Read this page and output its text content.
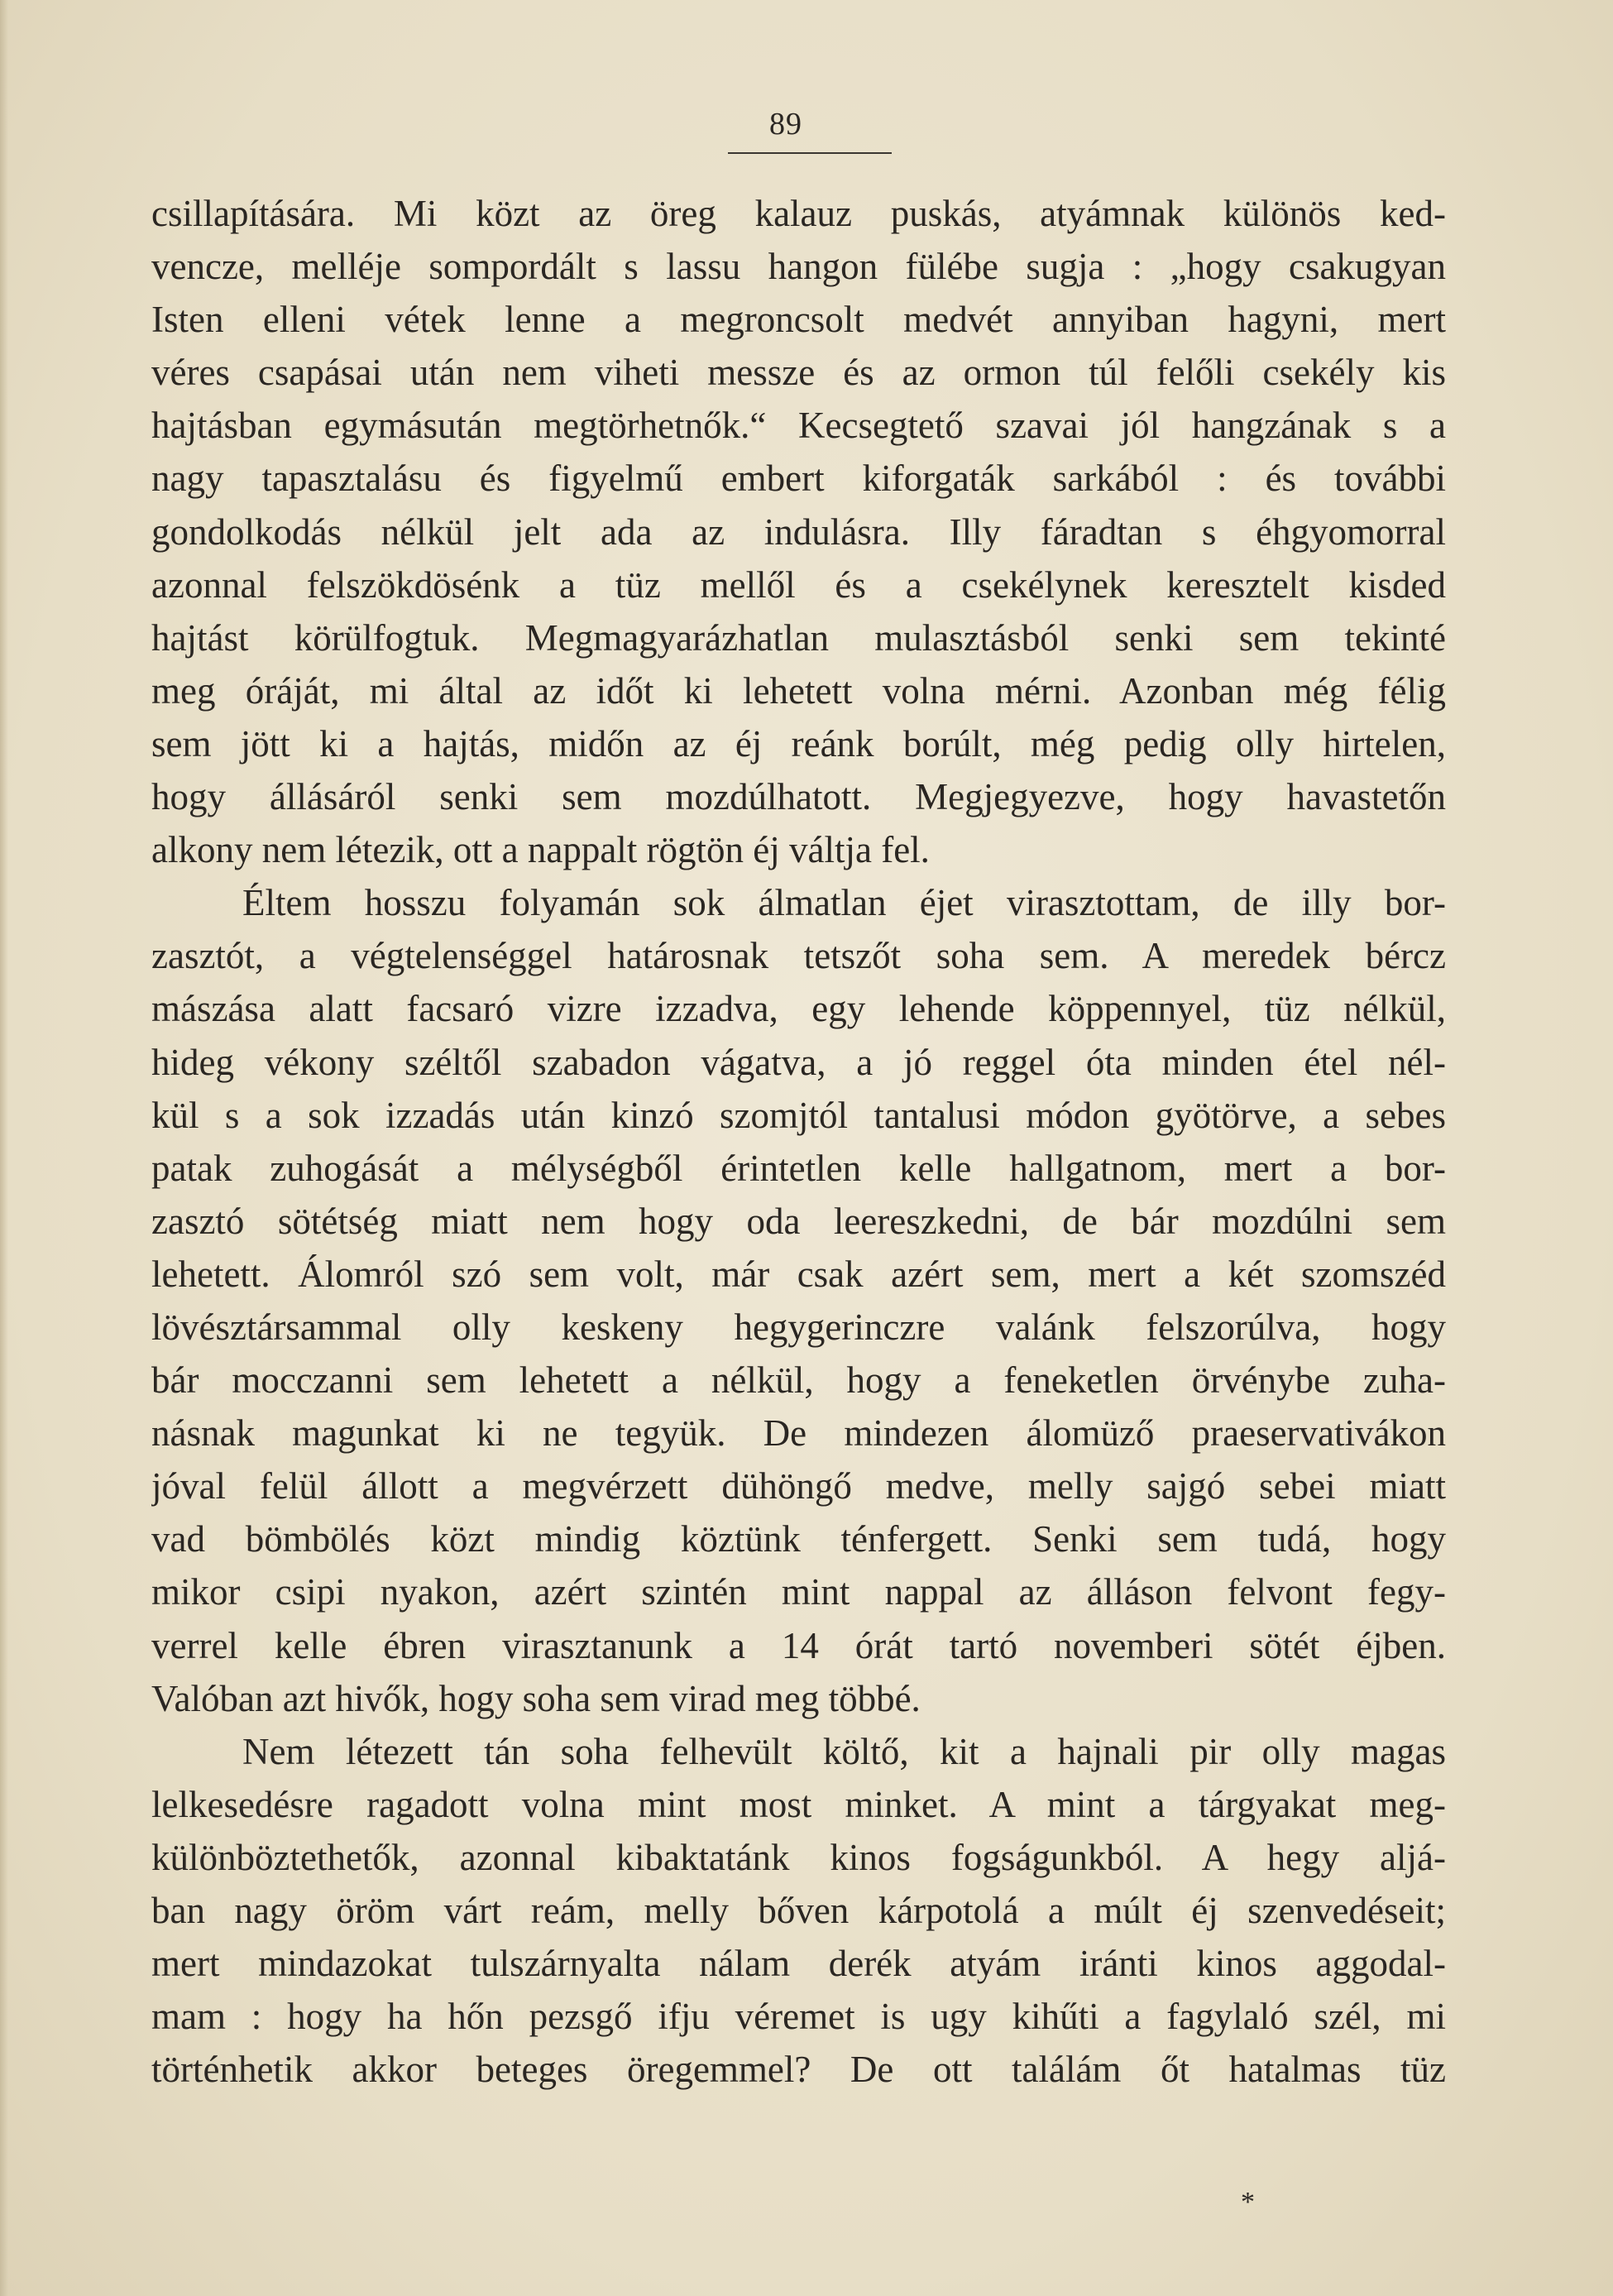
89
csillapítására. Mi közt az öreg kalauz puskás, atyámnak különös ked-
vencze, melléje sompordált s lassu hangon fülébe sugja : „hogy csakugyan
Isten elleni vétek lenne a megroncsolt medvét annyiban hagyni, mert
véres csapásai után nem viheti messze és az ormon túl felőli csekély kis
hajtásban egymásután megtörhetnők.“ Kecsegtető szavai jól hangzának s a
nagy tapasztalásu és figyelmű embert kiforgaták sarkából : és további
gondolkodás nélkül jelt ada az indulásra. Illy fáradtan s éhgyomorral
azonnal felszökdösénk a tüz mellől és a csekélynek keresztelt kisded
hajtást körülfogtuk. Megmagyarázhatlan mulasztásból senki sem tekinté
meg óráját, mi által az időt ki lehetett volna mérni. Azonban még félig
sem jött ki a hajtás, midőn az éj reánk borúlt, még pedig olly hirtelen,
hogy állásáról senki sem mozdúlhatott. Megjegyezve, hogy havastetőn
alkony nem létezik, ott a nappalt rögtön éj váltja fel.
Éltem hosszu folyamán sok álmatlan éjet virasztottam, de illy bor-
zasztót, a végtelenséggel határosnak tetszőt soha sem. A meredek bércz
mászása alatt facsaró vizre izzadva, egy lehende köppennyel, tüz nélkül,
hideg vékony széltől szabadon vágatva, a jó reggel óta minden étel nél-
kül s a sok izzadás után kinzó szomjtól tantalusi módon gyötörve, a sebes
patak zuhogását a mélységből érintetlen kelle hallgatnom, mert a bor-
zasztó sötétség miatt nem hogy oda leereszkedni, de bár mozdúlni sem
lehetett. Álomról szó sem volt, már csak azért sem, mert a két szomszéd
lövésztársammal olly keskeny hegygerinczre valánk felszorúlva, hogy
bár mocczanni sem lehetett a nélkül, hogy a feneketlen örvénybe zuha-
násnak magunkat ki ne tegyük. De mindezen álomüző praeservativákon
jóval felül állott a megvérzett dühöngő medve, melly sajgó sebei miatt
vad bömbölés közt mindig köztünk ténfergett. Senki sem tudá, hogy
mikor csipi nyakon, azért szintén mint nappal az álláson felvont fegy-
verrel kelle ébren virasztanunk a 14 órát tartó novemberi sötét éjben.
Valóban azt hivők, hogy soha sem virad meg többé.
Nem létezett tán soha felhevült költő, kit a hajnali pir olly magas
lelkesedésre ragadott volna mint most minket. A mint a tárgyakat meg-
különböztethetők, azonnal kibaktatánk kinos fogságunkból. A hegy aljá-
ban nagy öröm várt reám, melly bőven kárpotolá a múlt éj szenvedéseit;
mert mindazokat tulszárnyalta nálam derék atyám iránti kinos aggodal-
mam : hogy ha hőn pezsgő ifju véremet is ugy kihűti a fagylaló szél, mi
történhetik akkor beteges öregemmel? De ott találám őt hatalmas tüz
*
